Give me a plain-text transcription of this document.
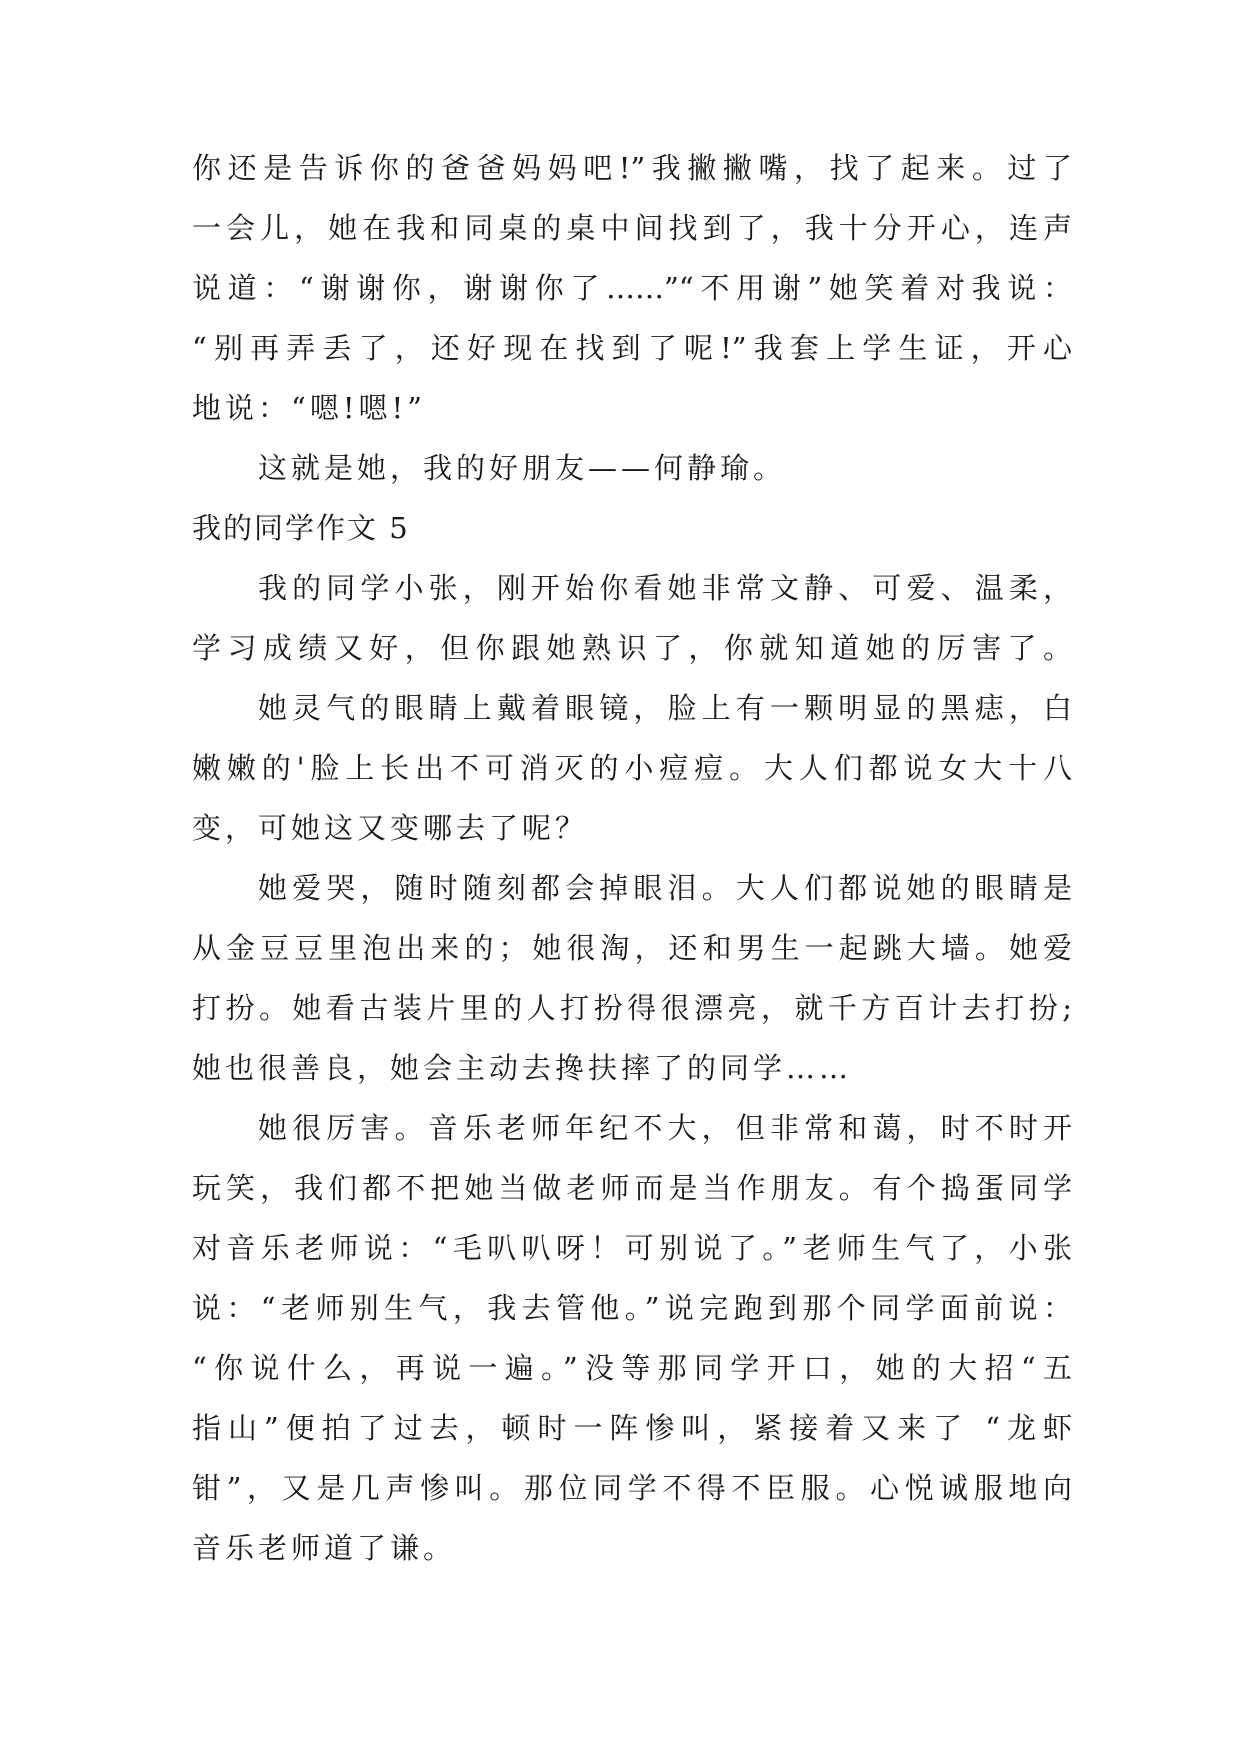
你还是告诉你的爸爸妈妈吧!”我撇撇嘴，找了起来。过了
一会儿，她在我和同桌的桌中间找到了，我十分开心，连声
说道：“谢谢你，谢谢你了……”“不用谢”她笑着对我说：
“别再弄丢了，还好现在找到了呢!”我套上学生证，开心
地说：“嗯!嗯!”
这就是她，我的好朋友——何静瑜。
我的同学作文 5
我的同学小张，刚开始你看她非常文静、可爱、温柔，
学习成绩又好，但你跟她熟识了，你就知道她的厉害了。
她灵气的眼睛上戴着眼镜，脸上有一颗明显的黑痣，白
嫩嫩的'脸上长出不可消灭的小痘痘。大人们都说女大十八
变，可她这又变哪去了呢？
她爱哭，随时随刻都会掉眼泪。大人们都说她的眼睛是
从金豆豆里泡出来的；她很淘，还和男生一起跳大墙。她爱
打扮。她看古装片里的人打扮得很漂亮，就千方百计去打扮;
她也很善良，她会主动去搀扶摔了的同学……
她很厉害。音乐老师年纪不大，但非常和蔼，时不时开
玩笑，我们都不把她当做老师而是当作朋友。有个捣蛋同学
对音乐老师说：“毛叭叭呀！可别说了。”老师生气了，小张
说：“老师别生气，我去管他。”说完跑到那个同学面前说：
“你说什么，再说一遍。”没等那同学开口，她的大招“五
指山”便拍了过去，顿时一阵惨叫，紧接着又来了 “龙虾
钳”，又是几声惨叫。那位同学不得不臣服。心悦诚服地向
音乐老师道了谦。
